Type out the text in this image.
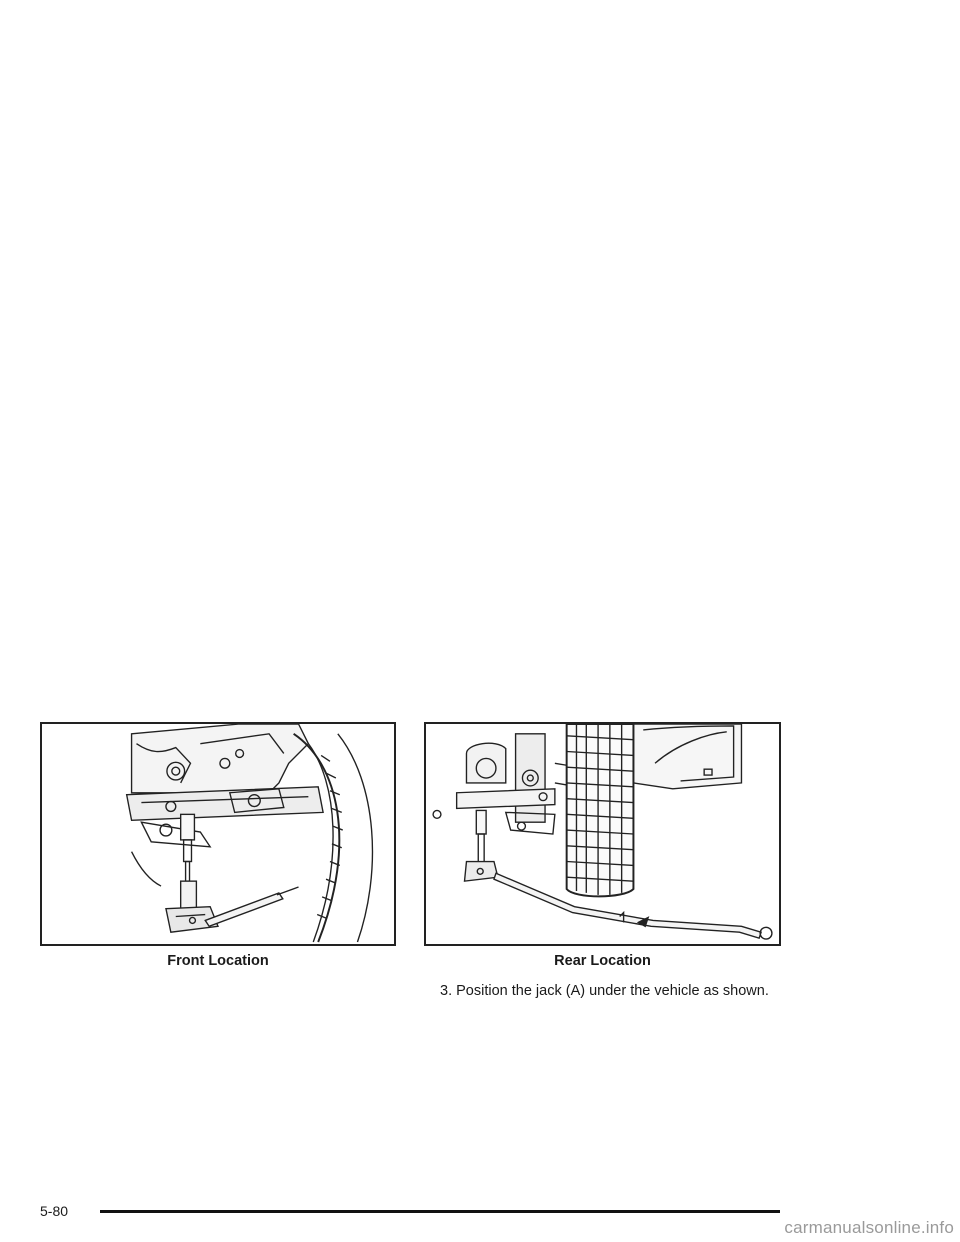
Front Location	Rear Location
3. Position the jack (A) under the vehicle as shown.
5-80
carmanualsonline.info
